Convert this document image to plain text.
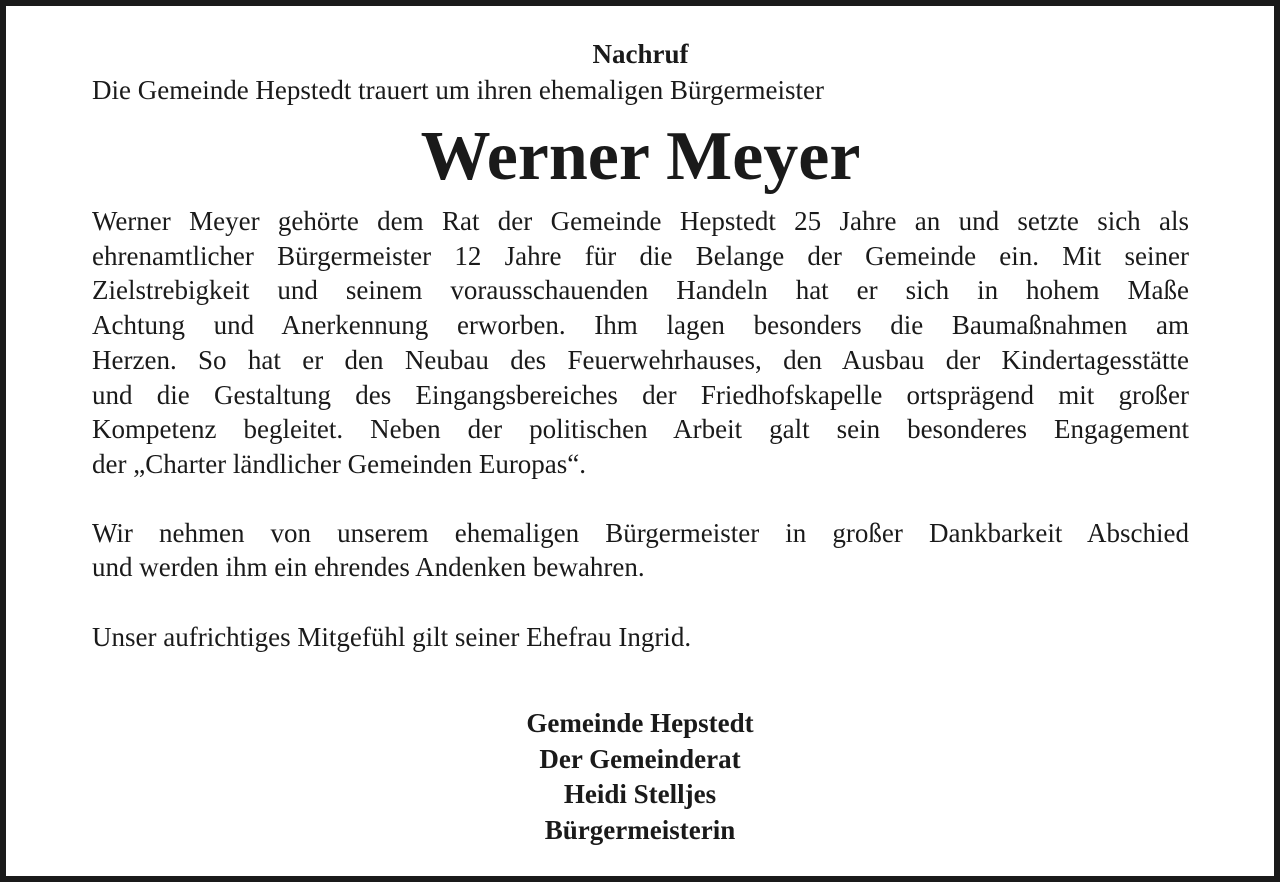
Nachruf

Die Gemeinde Hepstedt trauert um ihren ehemaligen Bürgermeister

Werner Meyer

Werner Meyer gehörte dem Rat der Gemeinde Hepstedt 25 Jahre an und setzte sich als
ehrenamtlicher Bürgermeister 12 Jahre für die Belange der Gemeinde ein. Mit seiner
Zielstrebigkeit und seinem vorausschauenden Handeln hat er sich in hohem Maße
Achtung und Anerkennung erworben. Ihm lagen besonders die Baumaßnahmen am
Herzen. So hat er den Neubau des Feuerwehrhauses, den Ausbau der Kindertagesstätte
und die Gestaltung des Eingangsbereiches der Friedhofskapelle ortsprägend mit großer
Kompetenz begleitet. Neben der politischen Arbeit galt sein besonderes Engagement
der „Charter ländlicher Gemeinden Europas“.

Wir nehmen von unserem ehemaligen Bürgermeister in großer Dankbarkeit Abschied
und werden ihm ein ehrendes Andenken bewahren.

Unser aufrichtiges Mitgefühl gilt seiner Ehefrau Ingrid.

Gemeinde Hepstedt
Der Gemeinderat
Heidi Stelljes
Bürgermeisterin
